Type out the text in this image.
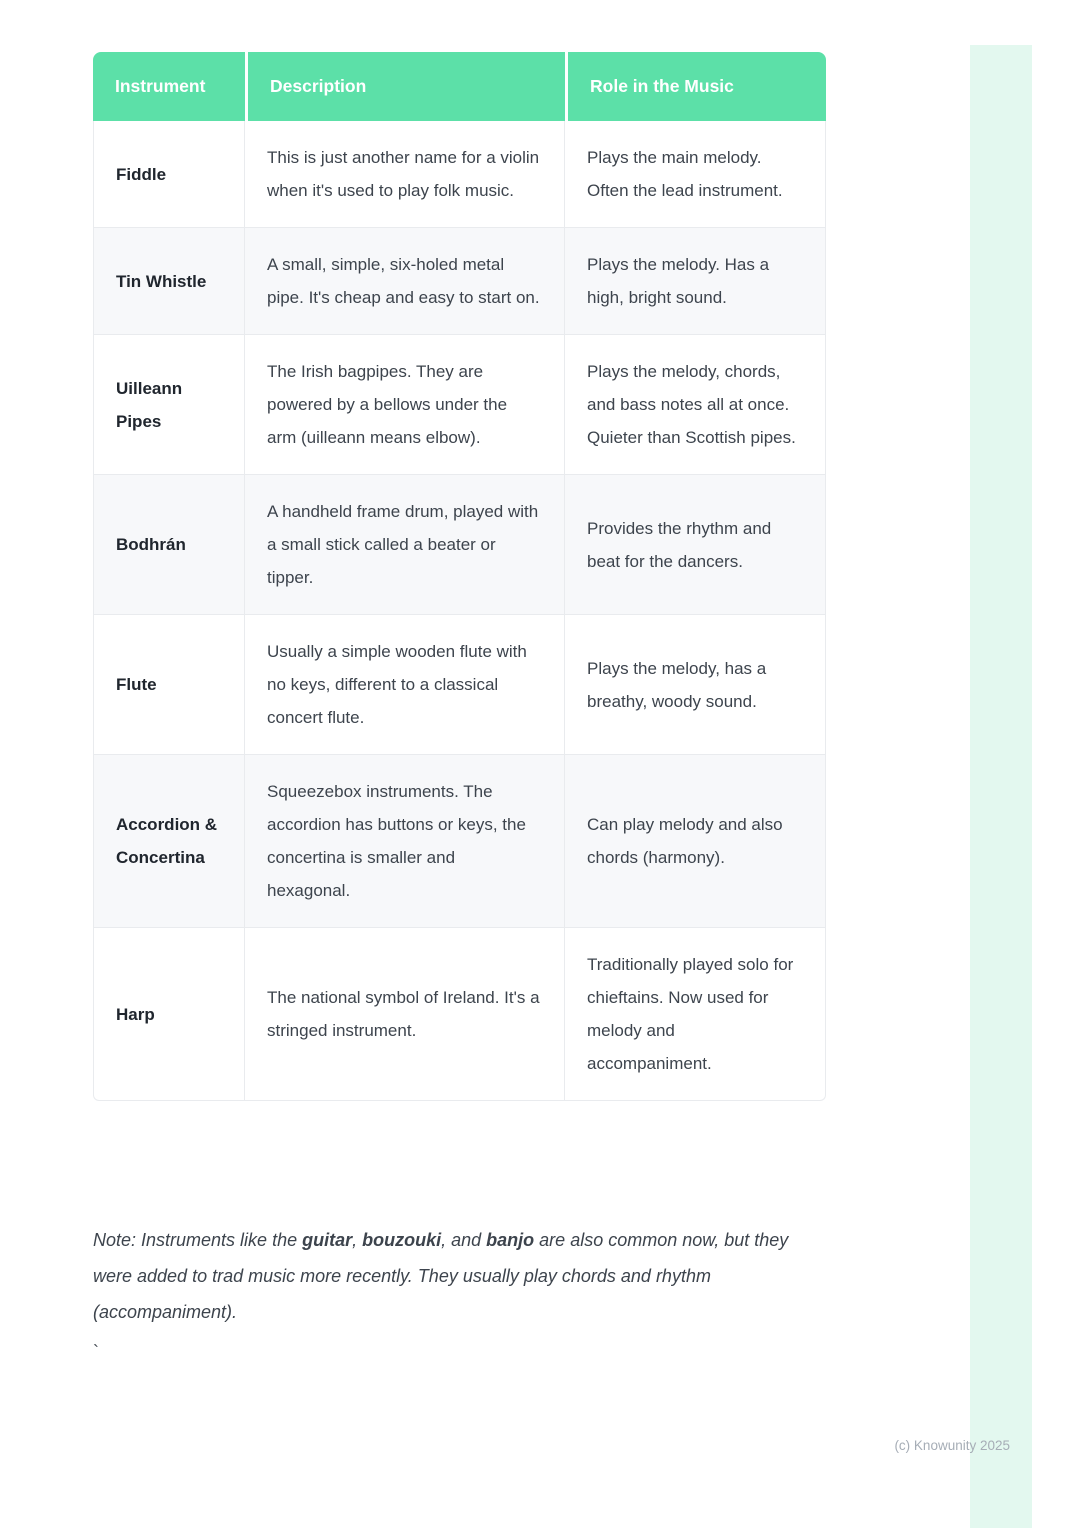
Instrument	Description	Role in the Music
Fiddle	This is just another name for a violin when it's used to play folk music.	Plays the main melody. Often the lead instrument.
Tin Whistle	A small, simple, six-holed metal pipe. It's cheap and easy to start on.	Plays the melody. Has a high, bright sound.
Uilleann Pipes	The Irish bagpipes. They are powered by a bellows under the arm (uilleann means elbow).	Plays the melody, chords, and bass notes all at once. Quieter than Scottish pipes.
Bodhrán	A handheld frame drum, played with a small stick called a beater or tipper.	Provides the rhythm and beat for the dancers.
Flute	Usually a simple wooden flute with no keys, different to a classical concert flute.	Plays the melody, has a breathy, woody sound.
Accordion & Concertina	Squeezebox instruments. The accordion has buttons or keys, the concertina is smaller and hexagonal.	Can play melody and also chords (harmony).
Harp	The national symbol of Ireland. It's a stringed instrument.	Traditionally played solo for chieftains. Now used for melody and accompaniment.

Note: Instruments like the guitar, bouzouki, and banjo are also common now, but they were added to trad music more recently. They usually play chords and rhythm (accompaniment).

`
(c) Knowunity 2025
